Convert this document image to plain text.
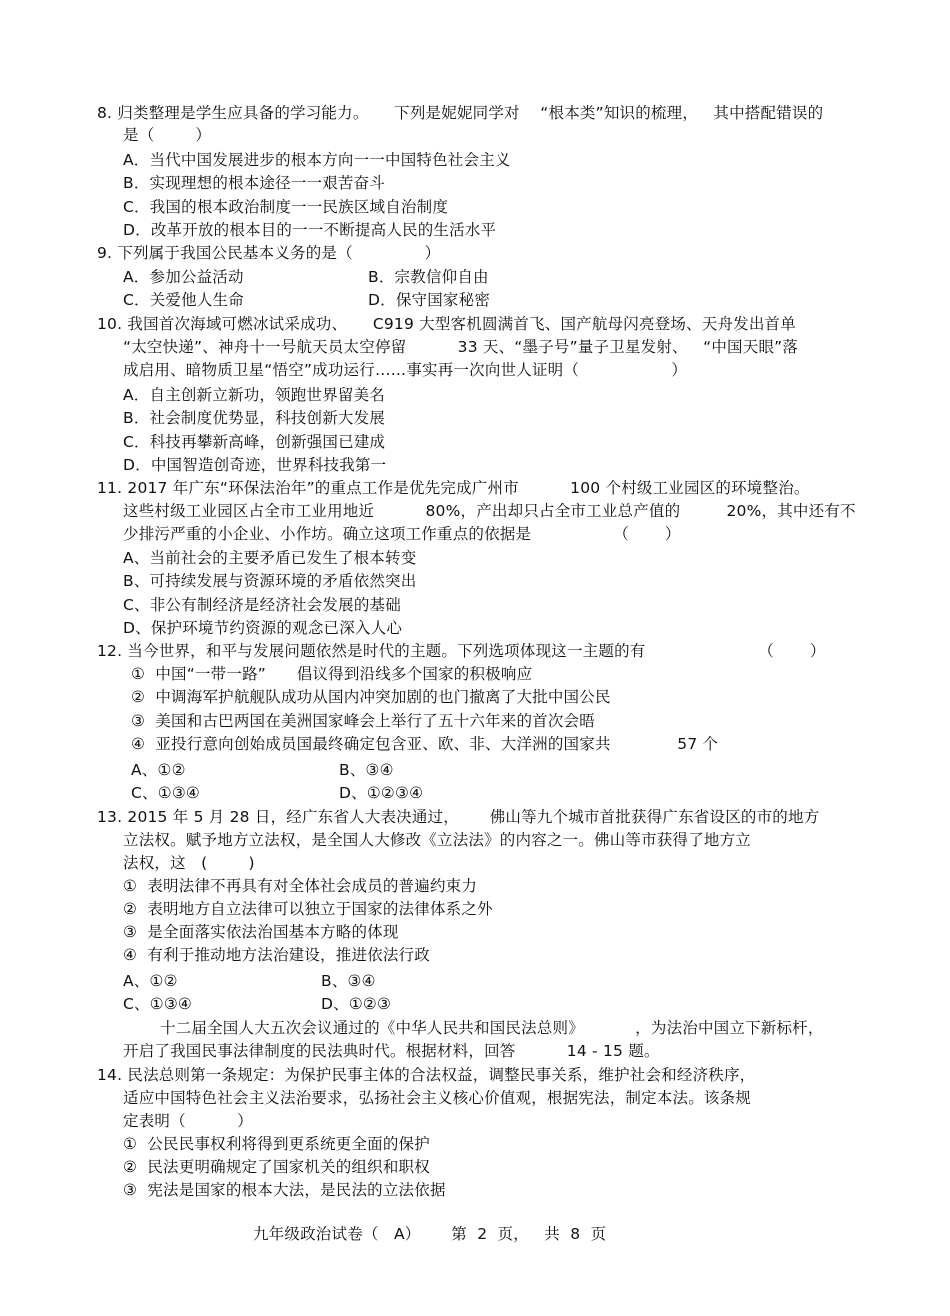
8. 归类整理是学生应具备的学习能力。     下列是妮妮同学对    “根本类”知识的梳理，   其中搭配错误的
是（        ）
A．当代中国发展进步的根本方向一一中国特色社会主义
B．实现理想的根本途径一一艰苦奋斗
C．我国的根本政治制度一一民族区域自治制度
D．改革开放的根本目的一一不断提高人民的生活水平
9. 下列属于我国公民基本义务的是（              ）
A．参加公益活动	B．宗教信仰自由
C．关爱他人生命	D．保守国家秘密
10. 我国首次海域可燃冰试采成功、     C919 大型客机圆满首飞、国产航母闪亮登场、天舟发出首单
“太空快递”、神舟十一号航天员太空停留          33 天、“墨子号”量子卫星发射、   “中国天眼”落
成启用、暗物质卫星“悟空”成功运行……事实再一次向世人证明（                  ）
A．自主创新立新功，领跑世界留美名
B．社会制度优势显，科技创新大发展
C．科技再攀新高峰，创新强国已建成
D．中国智造创奇迹，世界科技我第一
11. 2017 年广东“环保法治年”的重点工作是优先完成广州市          100 个村级工业园区的环境整治。
这些村级工业园区占全市工业用地近          80%，产出却只占全市工业总产值的         20%，其中还有不
少排污严重的小企业、小作坊。确立这项工作重点的依据是                （       ）
A、当前社会的主要矛盾已发生了根本转变
B、可持续发展与资源环境的矛盾依然突出
C、非公有制经济是经济社会发展的基础
D、保护环境节约资源的观念已深入人心
12. 当今世界，和平与发展问题依然是时代的主题。下列选项体现这一主题的有                      （       ）
①  中国“一带一路”      倡议得到沿线多个国家的积极响应
②  中调海军护航舰队成功从国内冲突加剧的也门撤离了大批中国公民
③  美国和古巴两国在美洲国家峰会上举行了五十六年来的首次会晤
④  亚投行意向创始成员国最终确定包含亚、欧、非、大洋洲的国家共             57 个
A、①②	B、③④
C、①③④	D、①②③④
13. 2015 年 5 月 28 日，经广东省人大表决通过，      佛山等九个城市首批获得广东省设区的市的地方
立法权。赋予地方立法权，是全国人大修改《立法法》的内容之一。佛山等市获得了地方立
法权，这   (        )
①  表明法律不再具有对全体社会成员的普遍约束力
②  表明地方自立法律可以独立于国家的法律体系之外
③  是全面落实依法治国基本方略的体现
④  有利于推动地方法治建设，推进依法行政
A、①②	B、③④
C、①③④	D、①②③
十二届全国人大五次会议通过的《中华人民共和国民法总则》          ，为法治中国立下新标杆，
开启了我国民事法律制度的民法典时代。根据材料，回答          14 - 15 题。
14. 民法总则第一条规定：为保护民事主体的合法权益，调整民事关系，维护社会和经济秩序，
适应中国特色社会主义法治要求，弘扬社会主义核心价值观，根据宪法，制定本法。该条规
定表明（          ）
①  公民民事权利将得到更系统更全面的保护
②  民法更明确规定了国家机关的组织和职权
③  宪法是国家的根本大法，是民法的立法依据
九年级政治试卷（   A）      第  2  页，   共  8  页
